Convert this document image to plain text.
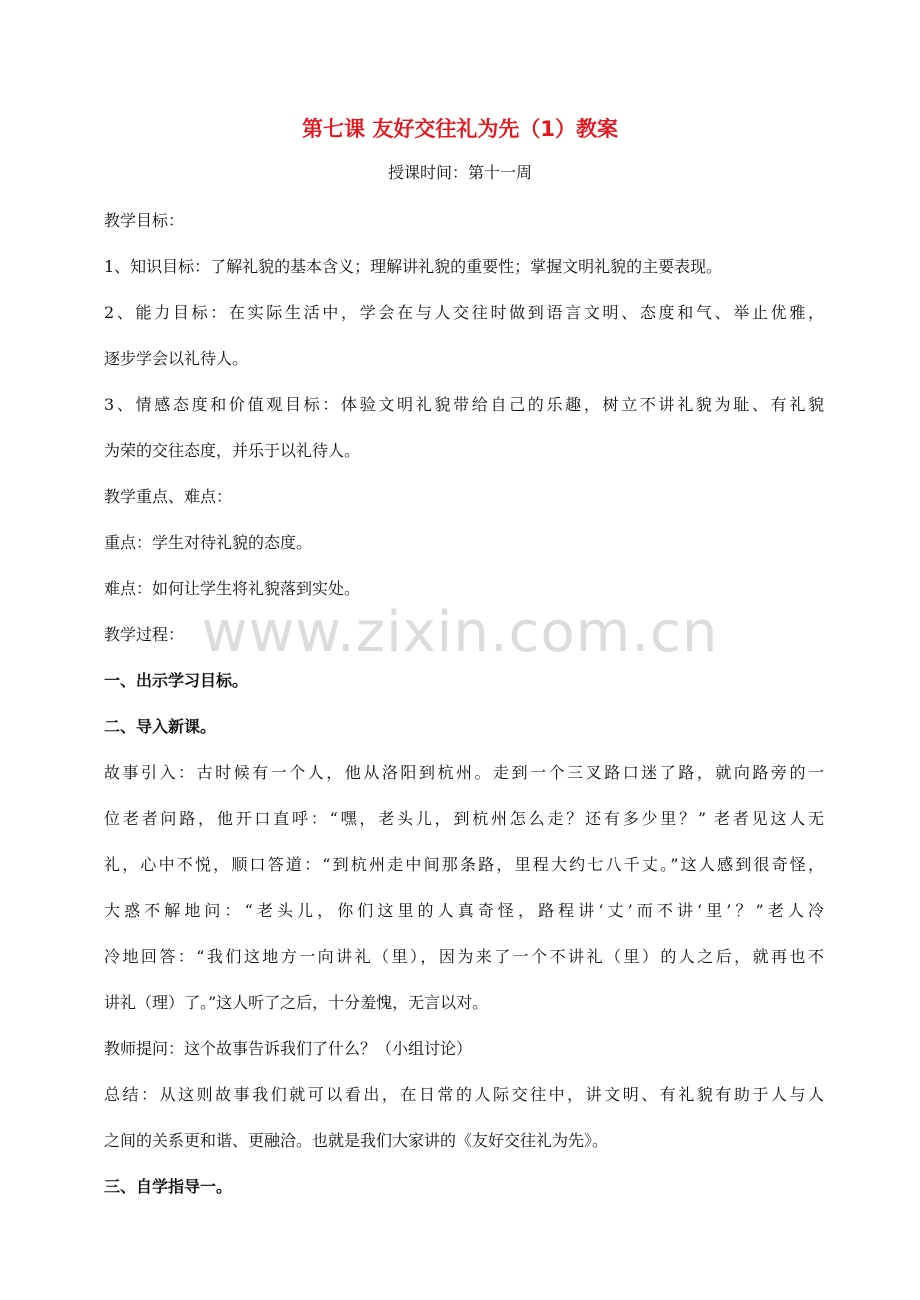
www.zixin.com.cn
第七课 友好交往礼为先（1）教案
授课时间：第十一周
教学目标：
1、知识目标：了解礼貌的基本含义；理解讲礼貌的重要性；掌握文明礼貌的主要表现。
2、能力目标：在实际生活中，学会在与人交往时做到语言文明、态度和气、举止优雅，
逐步学会以礼待人。
3、情感态度和价值观目标：体验文明礼貌带给自己的乐趣，树立不讲礼貌为耻、有礼貌
为荣的交往态度，并乐于以礼待人。
教学重点、难点：
重点：学生对待礼貌的态度。
难点：如何让学生将礼貌落到实处。
教学过程：
一、出示学习目标。
二、导入新课。
故事引入：古时候有一个人，他从洛阳到杭州。走到一个三叉路口迷了路，就向路旁的一
位老者问路，他开口直呼：“嘿，老头儿，到杭州怎么走？还有多少里？” 老者见这人无
礼，心中不悦，顺口答道：“到杭州走中间那条路，里程大约七八千丈。”这人感到很奇怪，
大惑不解地问：“老头儿，你们这里的人真奇怪，路程讲‘丈’而不讲‘里’？”老人冷
冷地回答：“我们这地方一向讲礼（里），因为来了一个不讲礼（里）的人之后，就再也不
讲礼（理）了。”这人听了之后，十分羞愧，无言以对。
教师提问：这个故事告诉我们了什么？（小组讨论）
总结：从这则故事我们就可以看出，在日常的人际交往中，讲文明、有礼貌有助于人与人
之间的关系更和谐、更融洽。也就是我们大家讲的《友好交往礼为先》。
三、自学指导一。
